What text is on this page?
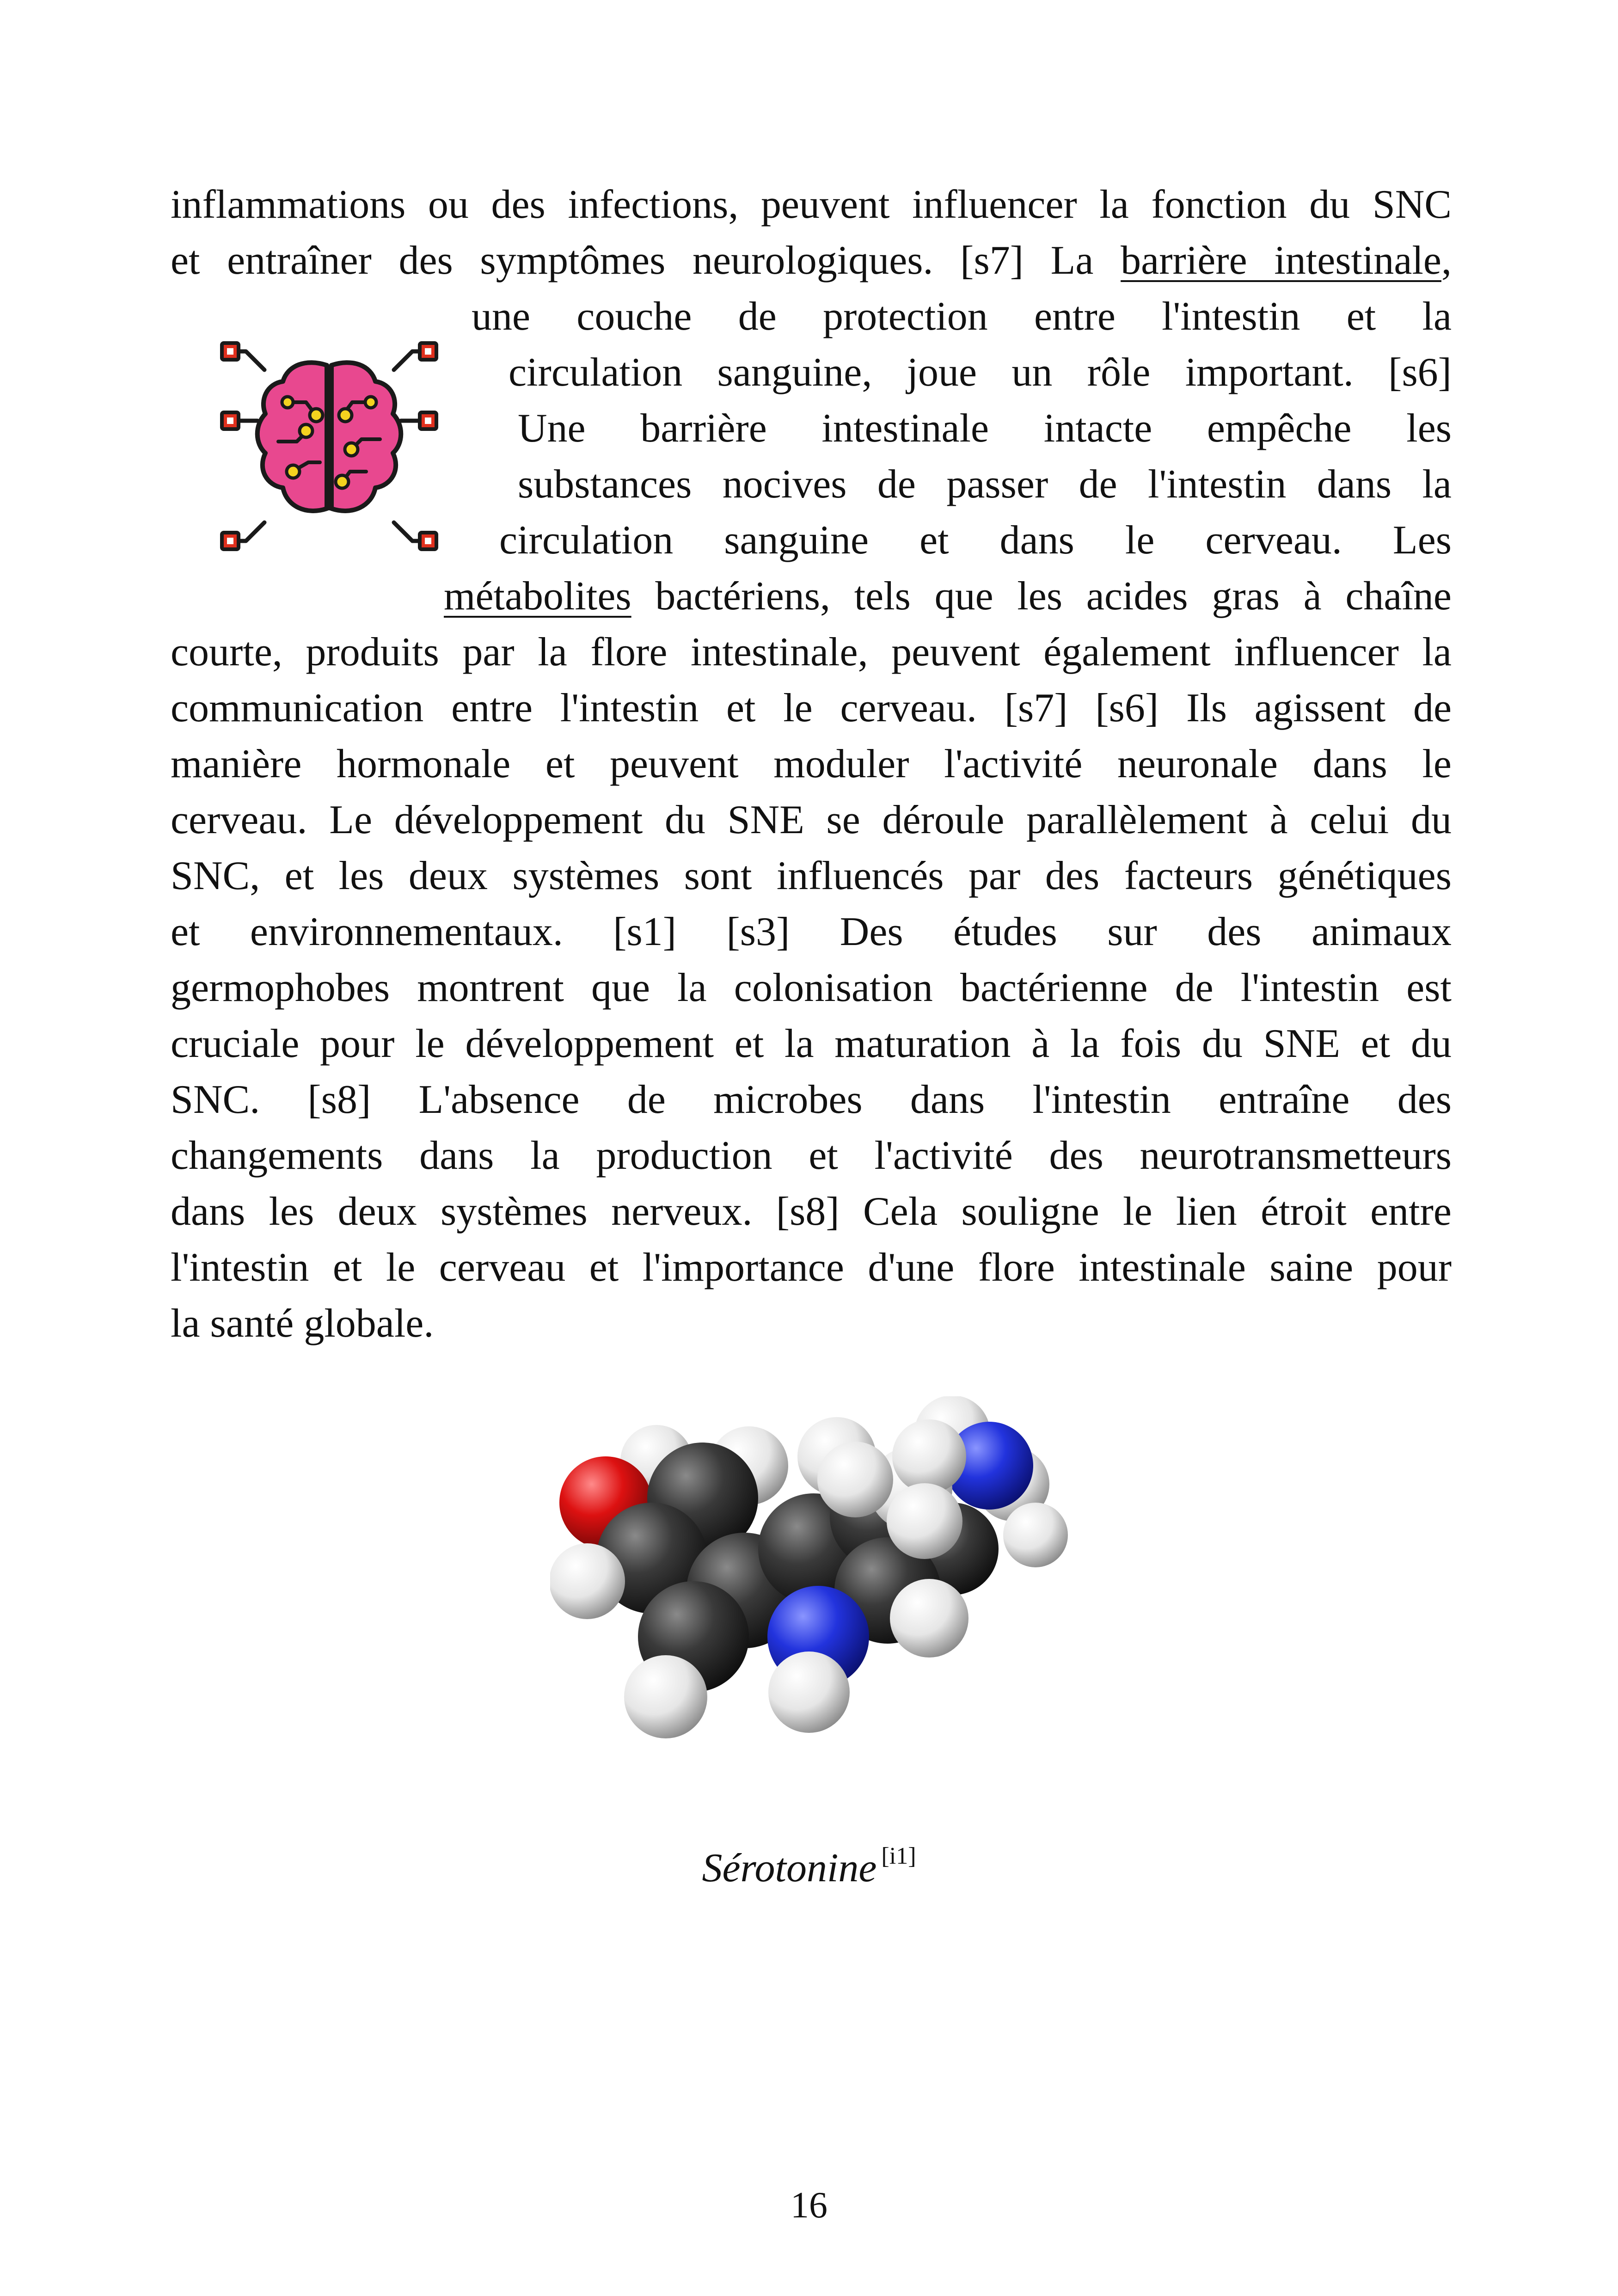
inflammations ou des infections, peuvent influencer la fonction du SNC
et entraîner des symptômes neurologiques. [s7] La barrière intestinale,
une couche de protection entre l'intestin et la
circulation sanguine, joue un rôle important. [s6]
Une barrière intestinale intacte empêche les
substances nocives de passer de l'intestin dans la
circulation sanguine et dans le cerveau. Les
métabolites bactériens, tels que les acides gras à chaîne
courte, produits par la flore intestinale, peuvent également influencer la
communication entre l'intestin et le cerveau. [s7] [s6] Ils agissent de
manière hormonale et peuvent moduler l'activité neuronale dans le
cerveau. Le développement du SNE se déroule parallèlement à celui du
SNC, et les deux systèmes sont influencés par des facteurs génétiques
et environnementaux. [s1] [s3] Des études sur des animaux
germophobes montrent que la colonisation bactérienne de l'intestin est
cruciale pour le développement et la maturation à la fois du SNE et du
SNC. [s8] L'absence de microbes dans l'intestin entraîne des
changements dans la production et l'activité des neurotransmetteurs
dans les deux systèmes nerveux. [s8] Cela souligne le lien étroit entre
l'intestin et le cerveau et l'importance d'une flore intestinale saine pour
la santé globale.
Sérotonine [i1]
16
